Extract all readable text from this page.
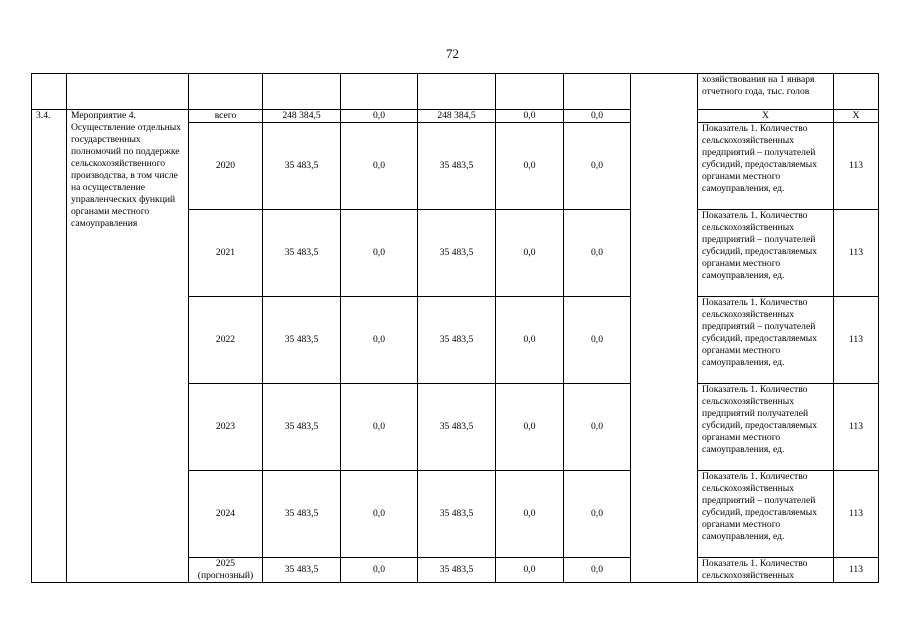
72

									хозяйствования на 1 января отчетного года, тыс. голов	

3.4.	Мероприятие 4. Осуществление отдельных государственных полномочий по поддержке сельскохозяйственного производства, в том числе на осуществление управленческих функций органами местного самоуправления	всего	248 384,5	0,0	248 384,5	0,0	0,0		X	X
		2020	35 483,5	0,0	35 483,5	0,0	0,0		Показатель 1. Количество сельскохозяйственных предприятий – получателей субсидий, предоставляемых органами местного самоуправления, ед.	113
		2021	35 483,5	0,0	35 483,5	0,0	0,0		Показатель 1. Количество сельскохозяйственных предприятий – получателей субсидий, предоставляемых органами местного самоуправления, ед.	113
		2022	35 483,5	0,0	35 483,5	0,0	0,0		Показатель 1. Количество сельскохозяйственных предприятий – получателей субсидий, предоставляемых органами местного самоуправления, ед.	113
		2023	35 483,5	0,0	35 483,5	0,0	0,0		Показатель 1. Количество сельскохозяйственных предприятий получателей субсидий, предоставляемых органами местного самоуправления, ед.	113
		2024	35 483,5	0,0	35 483,5	0,0	0,0		Показатель 1. Количество сельскохозяйственных предприятий – получателей субсидий, предоставляемых органами местного самоуправления, ед.	113
		2025 (прогнозный)	35 483,5	0,0	35 483,5	0,0	0,0		Показатель 1. Количество сельскохозяйственных	113
